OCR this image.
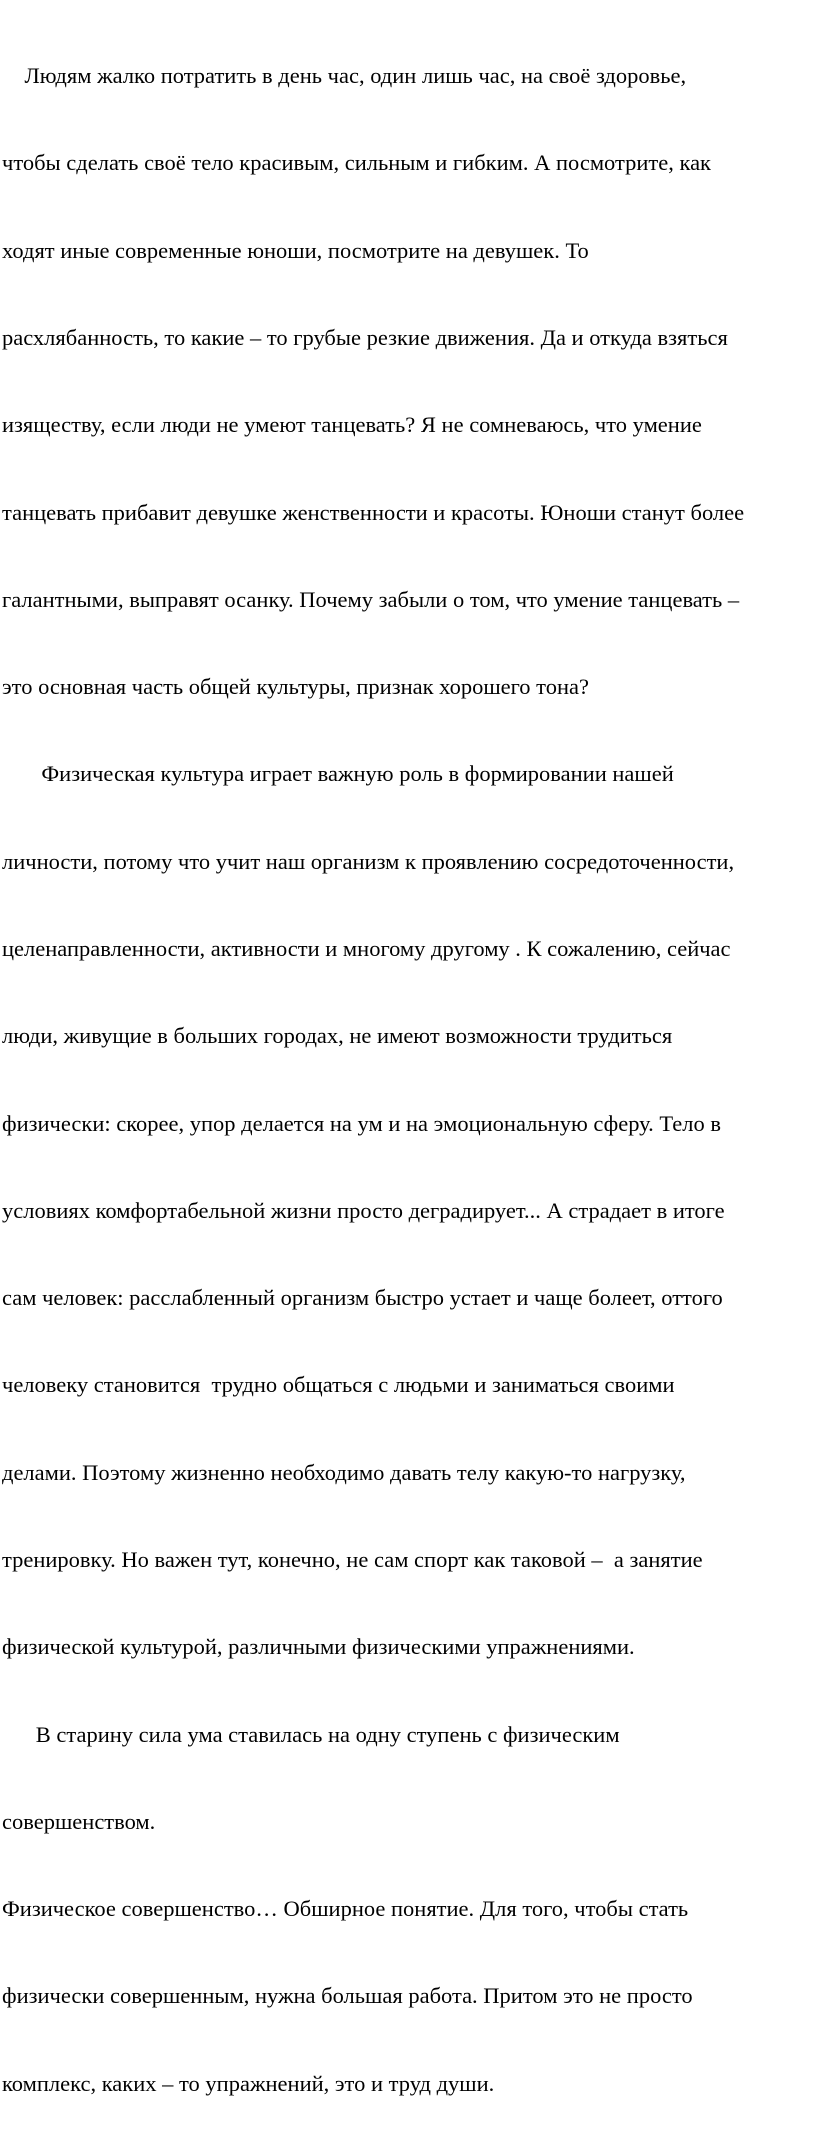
Людям жалко потратить в день час, один лишь час, на своё здоровье,

чтобы сделать своё тело красивым, сильным и гибким. А посмотрите, как

ходят иные современные юноши, посмотрите на девушек. То

расхлябанность, то какие – то грубые резкие движения. Да и откуда взяться

изяществу, если люди не умеют танцевать? Я не сомневаюсь, что умение

танцевать прибавит девушке женственности и красоты. Юноши станут более

галантными, выправят осанку. Почему забыли о том, что умение танцевать –

это основная часть общей культуры, признак хорошего тона?

Физическая культура играет важную роль в формировании нашей

личности, потому что учит наш организм к проявлению сосредоточенности,

целенаправленности, активности и многому другому . К сожалению, сейчас

люди, живущие в больших городах, не имеют возможности трудиться

физически: скорее, упор делается на ум и на эмоциональную сферу. Тело в

условиях комфортабельной жизни просто деградирует... А страдает в итоге

сам человек: расслабленный организм быстро устает и чаще болеет, оттого

человеку становится  трудно общаться с людьми и заниматься своими

делами. Поэтому жизненно необходимо давать телу какую-то нагрузку,

тренировку. Но важен тут, конечно, не сам спорт как таковой –  а занятие

физической культурой, различными физическими упражнениями.

В старину сила ума ставилась на одну ступень с физическим

совершенством.

Физическое совершенство… Обширное понятие. Для того, чтобы стать

физически совершенным, нужна большая работа. Притом это не просто

комплекс, каких – то упражнений, это и труд души.
